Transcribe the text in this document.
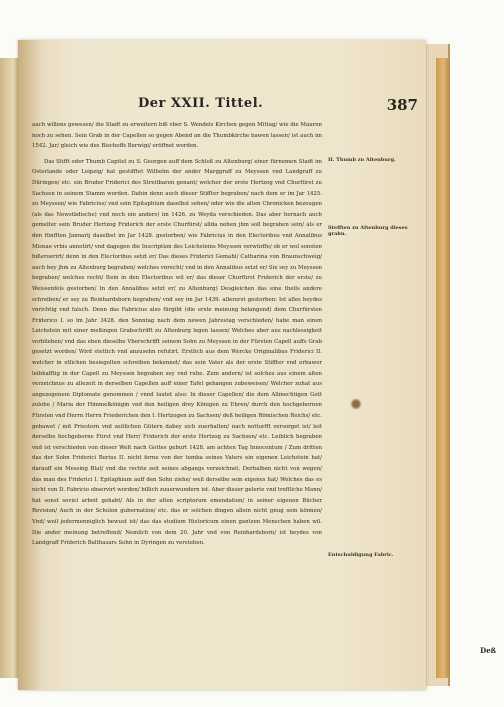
Der XXII. Tittel.	387

auch willens gewesen/ die Stadt zu erweitern biß vber S. Wendels Kirchen gegen Mittag/ wie die Mauren noch zu sehen. Sein Grab in der Capellen so gegen Abend an die Thumbkirche bawen lassen/ ist auch im 1542. Jar/ gleich wie des Bischoffs Berwigi/ eröffnet worden.

Das Stifft oder Thumb Capitel zu S. Georgen auff dem Schloß zu Altenburg/ einer fürnemen Stadt im Osterlande oder Leipzig/ hat gestifftet Wilhelm der ander Marggraff zu Meyssen vnd Landgraff zu Düringen/ etc. ein Bruder Friderici des Streitbaren genant/ welcher der erste Hertzog vnd Churfürst zu Sachsen in seinem Stamm worden. Dahin denn auch dieser Stiffter begraben/ nach dem er im Jar 1425. zu Meyssen/ wie Fabricius/ vnd sein Epitaphium daselbst sehen/ oder wie die alten Chronicken bezeugen (als das Newstädische) vnd noch ein anders) im 1426. zu Weyda verschieden. Das aber hernach auch gemelter sein Bruder Hertzog Friderich der erste Churfürst/ allda neben jhm soll begraben sein/ als er den fünfften Jannarij daselbst im Jar 1428. gestorben/ wie Fabricius in den Electoribus vnd Annalibus Misnae vrbis annotirt/ vnd dagegen die Inscription des Leichsteins Meyssen verwürffe/ ob er wol sonsten bißeroerirt/ denn in den Electoribus setzt er/ Das dieses Friderici Gemahl/ Catharina von Braunschweig/ auch bey jhm zu Altenburg begraben/ welches vnrecht/ vnd in den Annalibus setzt er/ Sie sey zu Meyssen begraben/ welches recht/ Item in den Electoribus wil er/ das dieser Churfürst Friderich der erste/ zu Weissenfels gestorben/ In den Annalibus setzt er/ zu Altenburg) Desgleichen das eine theils andere schreiben/ er sey zu Reinhardsborn begraben/ vnd sey im Jar 1439. allererst gestorben: Ist alles beydes vnrichtig vnd falsch. Denn das Fabricius also fürgibt (die erste meinung belangend) dem Churfürsten Friderico I. so im Jahr 3428. den Sonntag nach dem newen Jahrestag verschieden/ habe man einen Leichstein mit einer meßingen Grabschrifft zu Altenburg legen lassen/ Welches aber aus nachlessigkeit verblieben/ vnd das eben dieselbe Vberschrifft seinem Sohn zu Meyssen in der Fürsten Capell auffs Grab gesetzt worden/ Wird stettich vnd anzusehn refutirt. Erstlich aus dem Wercke Originalibus Friderici II. welcher in etlichen besiegelten schreiben bekennet/ das sein Vater als der erste Stiffter vnd erbawer leibhafftig in der Capell zu Meyssen begraben sey vnd ruhe. Zum andern/ ist solches aus einem alten verzeichnus zu allezeit in derselben Capellen auff einer Tafel gehangen zubeweisen/ Welcher zuhat aus angezogenem Diplomate genommen / vnnd lautet also: In dieser Capellen/ die dem Allmechtigen Gott zulobe / Maria der Himmelkönigin vnd den heiligen drey Königen zu Ehren/ durch den hochgebornen Fürsten vnd Herrn Herrn Friederichen den I. Hertzogen zu Sachsen/ deß heiligen Römischen Reichs/ etc. gebawet / mit Priestern vnd zeitlichen Gütern dabey sich zuerhalten/ nach notturfft versorget ist/ leit derselbe hochgeborne Fürst vnd Herr/ Friderich der erste Hertzog zu Sachsen/ etc. Leiblich begraben vnd ist verschieden von dieser Welt nach Gottes geburt 1428. am achten Tag Innocentum / Zum dritten das der Sohn Friderici Berius II. nicht ferne von der tumba seines Vaters ein eigenen Leichstein hat/ darauff ein Messing Blat/ vnd die rechte zeit seines abgangs verzeichnet. Derhalben nicht von wegen/ das man des Friderici I. Epitaphium auff den Sohn ziehe/ weil derselbe sein eigenes hat/ Welches das es nicht von D. Fabricio observirt worden/ billich zuuerwundern ist. Aber dieser gelerte vnd treffliche Mann/ hat sonst soviel arbeit gehabt/ Als in der alten scriptorum emendation/ in seiner eigenen Bücher Revision/ Auch in der Schulen gubernation/ etc. das er solchen dingen allein nicht gnug sein können/ Vnd/ weil jedermenniglich bewust ist/ das das studium Historicum einen gantzen Menschen haben wil. Die ander meinung betreffend/ Nemlich von dem 20. Jahr vnd von Reinhardsborn/ ist beydes von Landgraff Friderich Balthasars Sohn in Dyringen zu verstehen.

II. Thumb zu Altenburg.
Stefften zu Altenburg dieses grabn.
Entschuldigung Fabric.
Deß
